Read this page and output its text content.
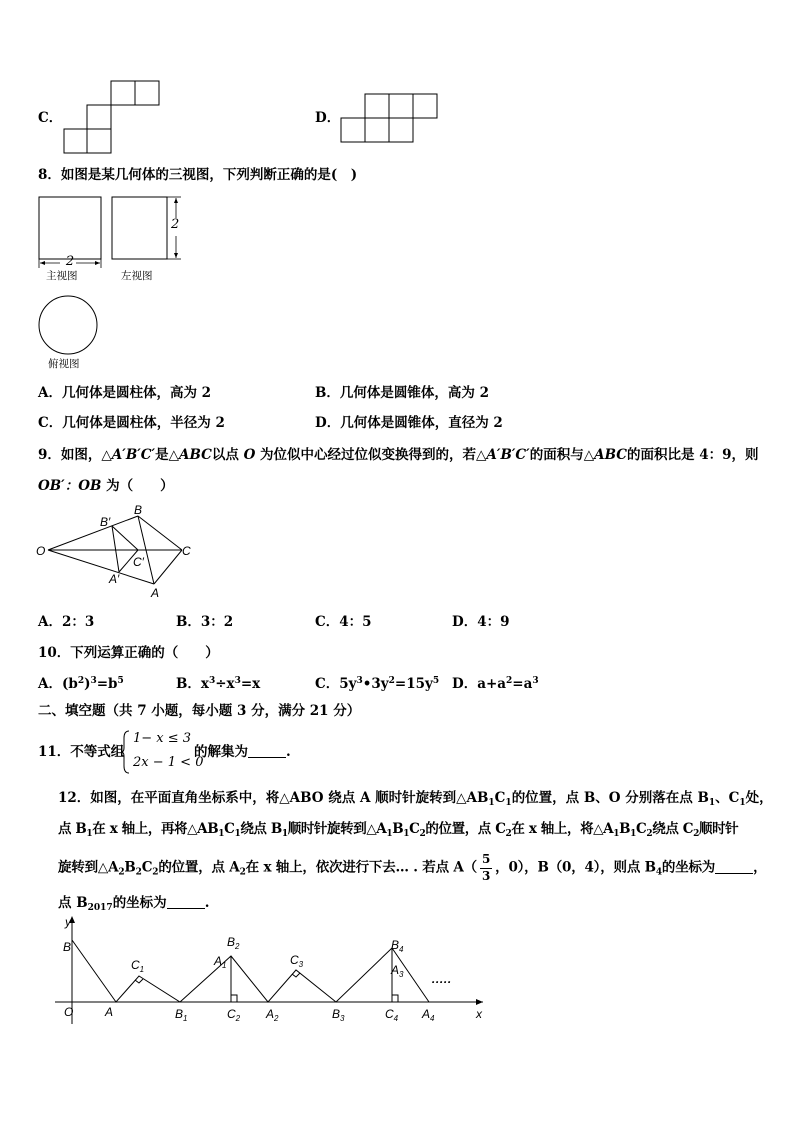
C．	D．
8．如图是某几何体的三视图，下列判断正确的是(　)
2
主视图
2
左视图
俯视图
A．几何体是圆柱体，高为 2	B．几何体是圆锥体，高为 2
C．几何体是圆柱体，半径为 2	D．几何体是圆锥体，直径为 2
9．如图，△A′B′C′是△ABC以点 O 为位似中心经过位似变换得到的，若△A′B′C′的面积与△ABC的面积比是 4：9，则
OB′：OB 为（　　）
O
B′
B
C′
C
A′
A
A．2：3	B．3：2	C．4：5	D．4：9
10．下列运算正确的（　　）
A．$(b^2)^3=b^5$	B．$x^3\div x^3=x$	C．$5y^3•3y^2=15y^5$ D．$a+a^2=a^3$
二、填空题（共 7 小题，每小题 3 分，满分 21 分）
11．不等式组
1− x ≤ 3
2x − 1 < 0
的解集为	.
12．如图，在平面直角坐标系中，将△ABO 绕点 A 顺时针旋转到$\triangle AB_1C_1$的位置，点 B、O 分别落在点 $B_1$、$C_1$处，
点 $B_1$在 x 轴上，再将$\triangle AB_1C_1$绕点 $B_1$顺时针旋转到$\triangle A_1B_1C_2$的位置，点 $C_2$在 x 轴上，将$\triangle A_1B_1C_2$绕点 $C_2$顺时针
旋转到$\triangle A_2B_2C_2$的位置，点 $A_2$在 x 轴上，依次进行下去… . 若点 $A( \frac{5}{3}$ ，0），B（0，4），则点 $B_4$的坐标为	，
点 $B_{2017}$的坐标为	.
y
x
O
·····
B
A
$C_1$
$B_1$
$A_1$
$B_2$
$C_2$ $A_2$
$C_3$
$B_3$
$B_4$
$A_3$
$C_4$ $A_4$
